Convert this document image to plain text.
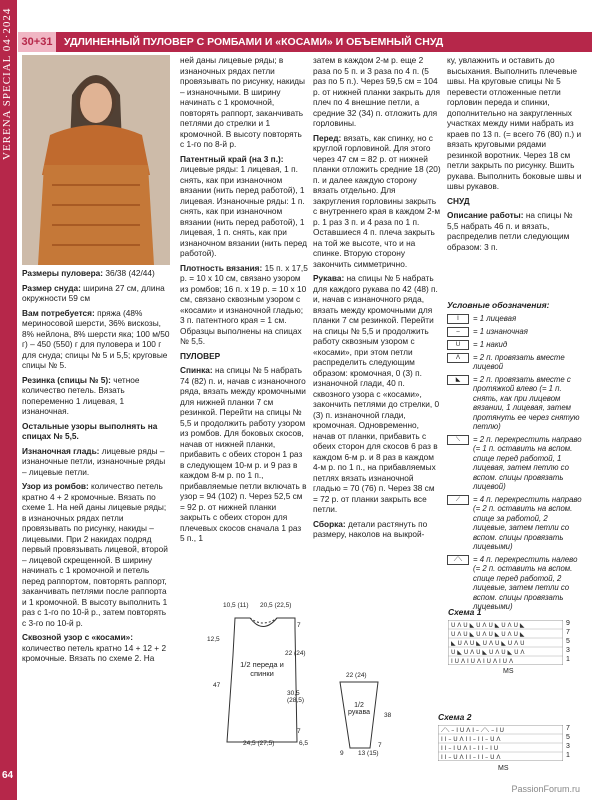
VERENA SPECIAL 04·2024
64
30+31	УДЛИНЕННЫЙ ПУЛОВЕР С РОМБАМИ И «КОСАМИ» И ОБЪЕМНЫЙ СНУД

Размеры пуловера: 36/38 (42/44)

Размер снуда: ширина 27 см, длина окружности 59 см

Вам потребуется: пряжа (48% мериносовой шерсти, 36% вискозы, 8% нейлона, 8% шерсти яка; 100 м/50 г) – 450 (550) г для пуловера и 100 г для снуда; спицы № 5 и 5,5; круговые спицы № 5.

Резинка (спицы № 5): четное количество петель. Вязать попеременно 1 лицевая, 1 изнаночная.

Остальные узоры выполнять на спицах № 5,5.

Изнаночная гладь: лицевые ряды – изнаночные петли, изнаночные ряды – лицевые петли.

Узор из ромбов: количество петель кратно 4 + 2 кромочные. Вязать по схеме 1. На ней даны лицевые ряды; в изнаночных рядах петли провязывать по рисунку, накиды – лицевыми. При 2 накидах подряд первый провязывать лицевой, второй – лицевой скрещенной. В ширину начинать с 1 кромочной и петель перед раппортом, повторять раппорт, заканчивать петлями после раппорта и 1 кромочной. В высоту выполнить 1 раз с 1-го по 10-й р., затем повторять с 3-го по 10-й р.

Сквозной узор с «косами»: количество петель кратно 14 + 12 + 2 кромочные. Вязать по схеме 2. На

ней даны лицевые ряды; в изнаночных рядах петли провязывать по рисунку, накиды – изнаночными. В ширину начинать с 1 кромочной, повторять раппорт, заканчивать петлями до стрелки и 1 кромочной. В высоту повторять с 1-го по 8-й р.

Патентный край (на 3 п.): лицевые ряды: 1 лицевая, 1 п. снять, как при изнаночном вязании (нить перед работой), 1 лицевая. Изнаночные ряды: 1 п. снять, как при изнаночном вязании (нить перед работой), 1 лицевая, 1 п. снять, как при изнаночном вязании (нить перед работой).

Плотность вязания: 15 п. х 17,5 р. = 10 х 10 см, связано узором из ромбов; 16 п. х 19 р. = 10 х 10 см, связано сквозным узором с «косами» и изнаночной гладью; 3 п. патентного края = 1 см. Образцы выполнены на спицах № 5,5.

ПУЛОВЕР

Спинка: на спицы № 5 набрать 74 (82) п. и, начав с изнаночного ряда, вязать между кромочными для нижней планки 7 см резинкой. Перейти на спицы № 5,5 и продолжить работу узором из ромбов. Для боковых скосов, начав от нижней планки, прибавить с обеих сторон 1 раз в следующем 10-м р. и 9 раз в каждом 8-м р. по 1 п., прибавляемые петли включать в узор = 94 (102) п. Через 52,5 см = 92 р. от нижней планки закрыть с обеих сторон для плечевых скосов сначала 1 раз 5 п., 1

затем в каждом 2-м р. еще 2 раза по 5 п. и 3 раза по 4 п. (5 раз по 5 п.). Через 59,5 см = 104 р. от нижней планки закрыть для плеч по 4 внешние петли, а средние 32 (34) п. отложить для горловины.

Перед: вязать, как спинку, но с круглой горловиной. Для этого через 47 см = 82 р. от нижней планки отложить средние 18 (20) п. и далее каждую сторону вязать отдельно. Для закругления горловины закрыть с внутреннего края в каждом 2-м р. 1 раз 3 п. и 4 раза по 1 п. Оставшиеся 4 п. плеча закрыть на той же высоте, что и на спинке. Вторую сторону закончить симметрично.

Рукава: на спицы № 5 набрать для каждого рукава по 42 (48) п. и, начав с изнаночного ряда, вязать между кромочными для планки 7 см резинкой. Перейти на спицы № 5,5 и продолжить работу сквозным узором с «косами», при этом петли распределить следующим образом: кромочная, 0 (3) п. изнаночной глади, 40 п. сквозного узора с «косами», закончить петлями до стрелки, 0 (3) п. изнаночной глади, кромочная. Одновременно, начав от планки, прибавить с обеих сторон для скосов 6 раз в каждом 6-м р. и 8 раз в каждом 4-м р. по 1 п., на прибавляемых петлях вязать изнаночной гладью = 70 (76) п. Через 38 см = 72 р. от планки закрыть все петли.

Сборка: детали растянуть по размеру, наколов на выкрой-

ку, увлажнить и оставить до высыхания. Выполнить плечевые швы. На круговые спицы № 5 перевести отложенные петли горловин переда и спинки, дополнительно на закругленных участках между ними набрать из краев по 13 п. (= всего 76 (80) п.) и вязать круговыми рядами резинкой воротник. Через 18 см петли закрыть по рисунку. Вшить рукава. Выполнить боковые швы и швы рукавов.

СНУД

Описание работы: на спицы № 5,5 набрать 46 п. и вязать, распределив петли следующим образом: 3 п.

Условные обозначения:
I	= 1 лицевая
–	= 1 изнаночная
U	= 1 накид
Λ	= 2 п. провязать вместе лицевой
◣	= 2 п. провязать вместе с протяжкой влево (= 1 п. снять, как при лицевом вязании, 1 лицевая, затем протянуть ее через снятую петлю)
⟍	= 2 п. перекрестить направо (= 1 п. оставить на вспом. спице перед работой, 1 лицевая, затем петлю со вспом. спицы провязать лицевой)
⟋	= 4 п. перекрестить направо (= 2 п. оставить на вспом. спице за работой, 2 лицевые, затем петли со вспом. спицы провязать лицевыми)
⟋⟍	= 4 п. перекрестить налево (= 2 п. оставить на вспом. спице перед работой, 2 лицевые, затем петли со вспом. спицы провязать лицевыми)
1/2 переда и спинки
10,5 (11) 20,5 (22,5)
7
12,5
22 (24)
47
30,5 (28,5)
24,5 (27,5)	6,5
7
1/2 рукава
22 (24)
38
9 13 (15)
7
Схема 1
U Λ U ◣ U Λ U ◣ U Λ U ◣
U Λ U ◣ U Λ U ◣ U Λ U ◣
◣ U Λ U ◣ U Λ U ◣ U Λ U
U ◣ U Λ U ◣ U Λ U ◣ U Λ
I U Λ I U Λ I U Λ I U Λ
9
7
5
3
1
MS
Схема 2
⟋⟍ – I U Λ I – ⟋⟍ – I U
I I – U Λ I I – I I – U Λ
I I – I U Λ I – I I – I U
I I – U Λ I I – I I – U Λ
7
5
3
1
MS
PassionForum.ru
